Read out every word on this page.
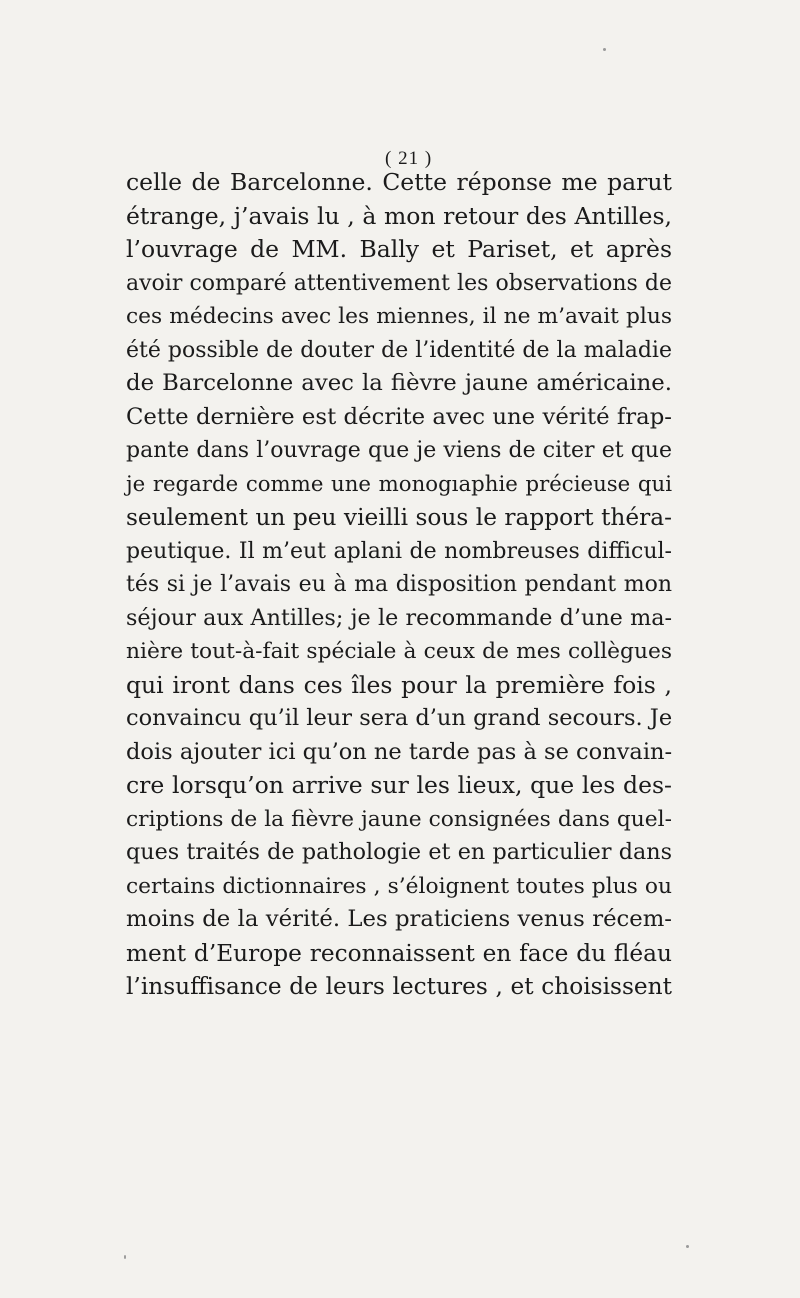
( 21 )
celle de Barcelonne. Cette réponse me parut
étrange, j’avais lu , à mon retour des Antilles,
l’ouvrage de MM. Bally et Pariset, et après
avoir comparé attentivement les observations de
ces médecins avec les miennes, il ne m’avait plus
été possible de douter de l’identité de la maladie
de Barcelonne avec la fièvre jaune américaine.
Cette dernière est décrite avec une vérité frap-
pante dans l’ouvrage que je viens de citer et que
je regarde comme une monogıaphie précieuse qui
seulement un peu vieilli sous le rapport théra-
peutique. Il m’eut aplani de nombreuses difficul-
tés si je l’avais eu à ma disposition pendant mon
séjour aux Antilles; je le recommande d’une ma-
nière tout-à-fait spéciale à ceux de mes collègues
qui iront dans ces îles pour la première fois ,
convaincu qu’il leur sera d’un grand secours. Je
dois ajouter ici qu’on ne tarde pas à se convain-
cre lorsqu’on arrive sur les lieux, que les des-
criptions de la fièvre jaune consignées dans quel-
ques traités de pathologie et en particulier dans
certains dictionnaires , s’éloignent toutes plus ou
moins de la vérité. Les praticiens venus récem-
ment d’Europe reconnaissent en face du fléau
l’insuffisance de leurs lectures , et choisissent
